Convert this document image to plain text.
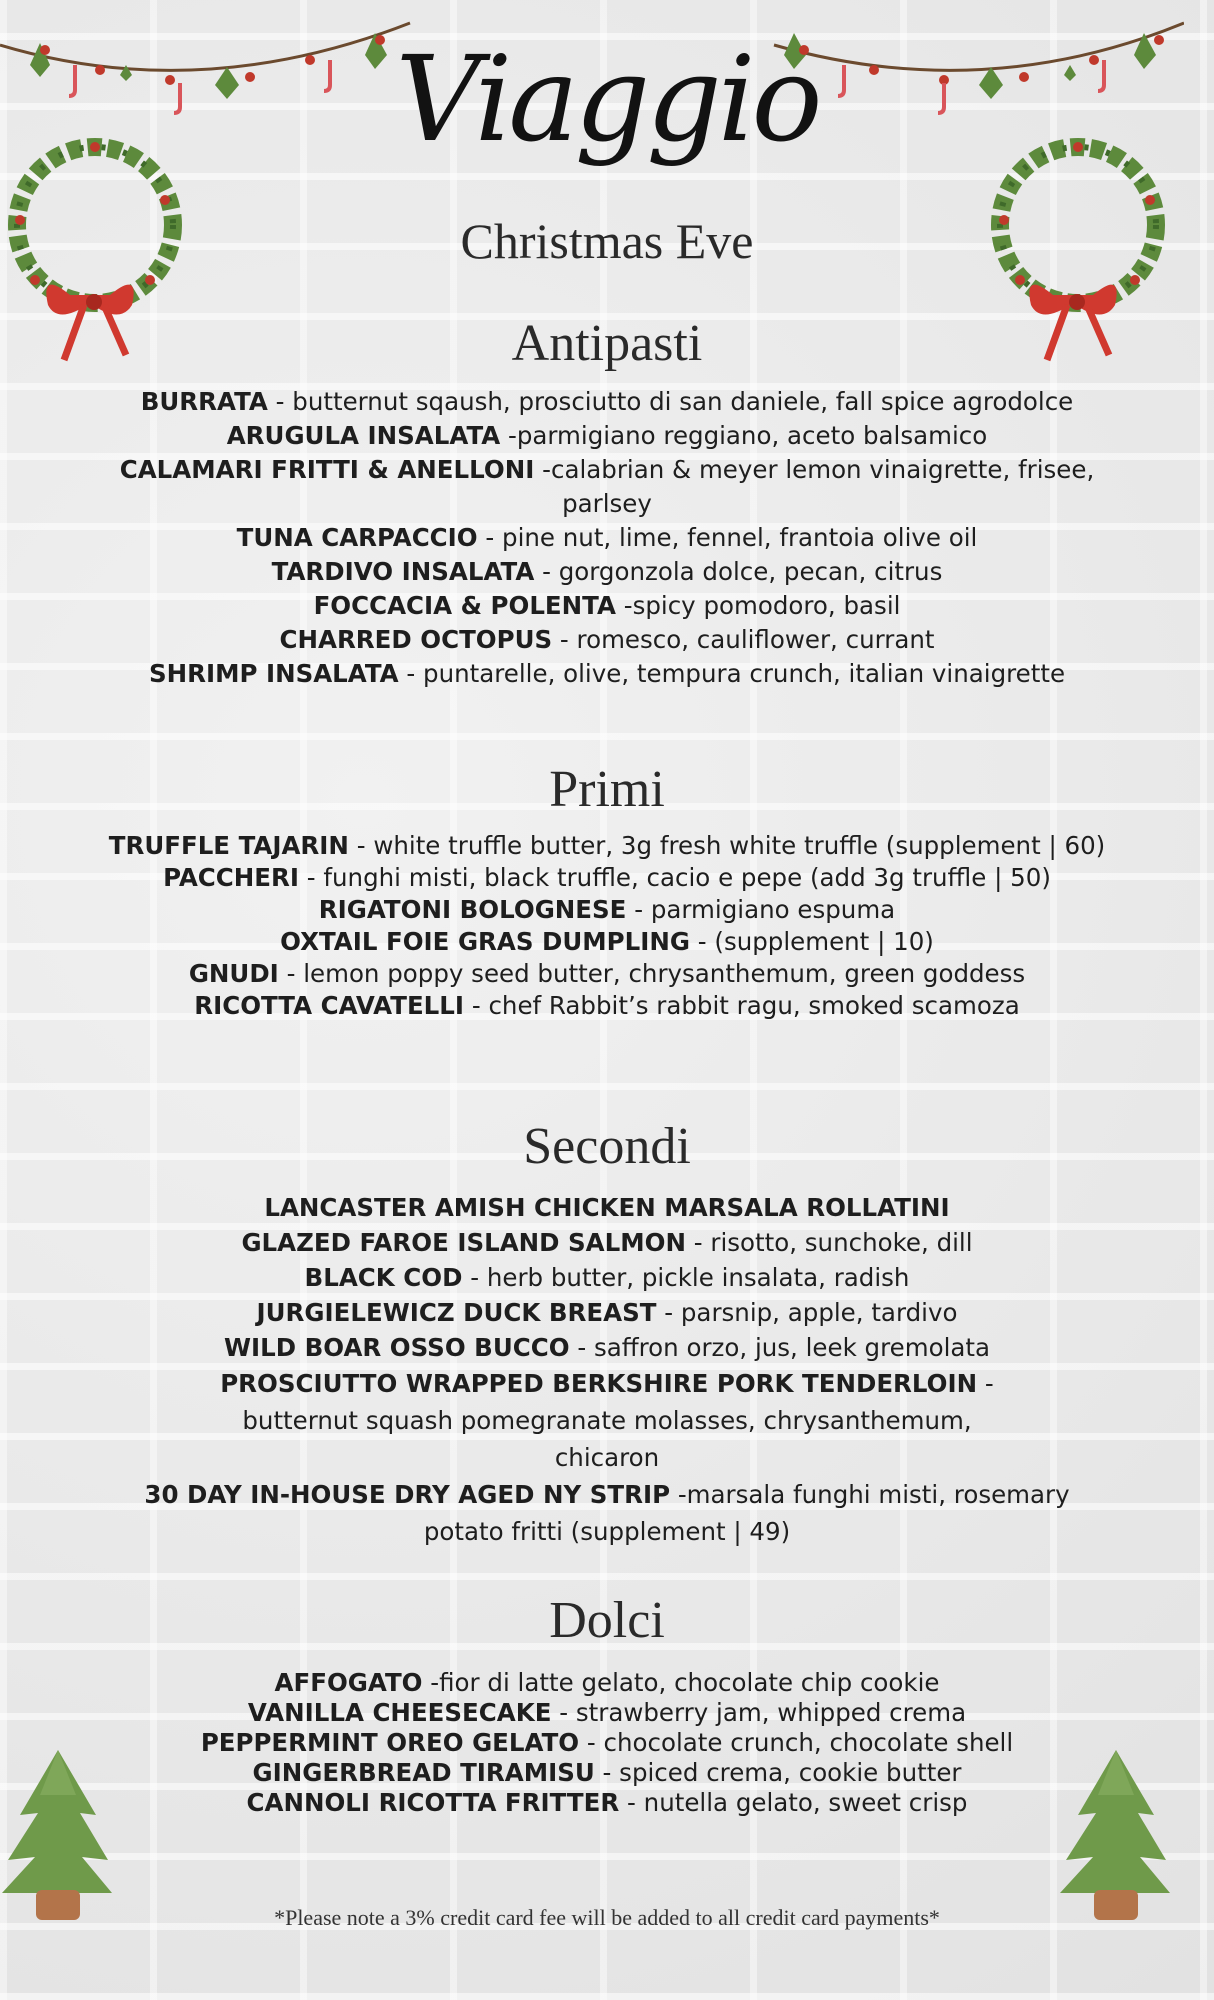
Viaggio
Christmas Eve
Antipasti
BURRATA - butternut sqaush, prosciutto di san daniele, fall spice agrodolce
ARUGULA INSALATA -parmigiano reggiano, aceto balsamico
CALAMARI FRITTI & ANELLONI -calabrian & meyer lemon vinaigrette, frisee, parlsey
TUNA CARPACCIO - pine nut, lime, fennel, frantoia olive oil
TARDIVO INSALATA - gorgonzola dolce, pecan, citrus
FOCCACIA & POLENTA -spicy pomodoro, basil
CHARRED OCTOPUS - romesco, cauliflower, currant
SHRIMP INSALATA - puntarelle, olive, tempura crunch, italian vinaigrette
Primi
TRUFFLE TAJARIN - white truffle butter, 3g fresh white truffle (supplement | 60) PACCHERI - funghi misti, black truffle, cacio e pepe (add 3g truffle | 50)
RIGATONI BOLOGNESE - parmigiano espuma
OXTAIL FOIE GRAS DUMPLING - (supplement | 10)
GNUDI - lemon poppy seed butter, chrysanthemum, green goddess
RICOTTA CAVATELLI - chef Rabbit’s rabbit ragu, smoked scamoza
Secondi
LANCASTER AMISH CHICKEN MARSALA ROLLATINI
GLAZED FAROE ISLAND SALMON - risotto, sunchoke, dill
BLACK COD - herb butter, pickle insalata, radish
JURGIELEWICZ DUCK BREAST - parsnip, apple, tardivo
WILD BOAR OSSO BUCCO - saffron orzo, jus, leek gremolata
PROSCIUTTO WRAPPED BERKSHIRE PORK TENDERLOIN -butternut squash pomegranate molasses, chrysanthemum, chicaron
30 DAY IN-HOUSE DRY AGED NY STRIP -marsala funghi misti, rosemary potato fritti (supplement | 49)
Dolci
AFFOGATO -fior di latte gelato, chocolate chip cookie
VANILLA CHEESECAKE - strawberry jam, whipped crema
PEPPERMINT OREO GELATO - chocolate crunch, chocolate shell
GINGERBREAD TIRAMISU - spiced crema, cookie butter
CANNOLI RICOTTA FRITTER - nutella gelato, sweet crisp
*Please note a 3% credit card fee will be added to all credit card payments*
